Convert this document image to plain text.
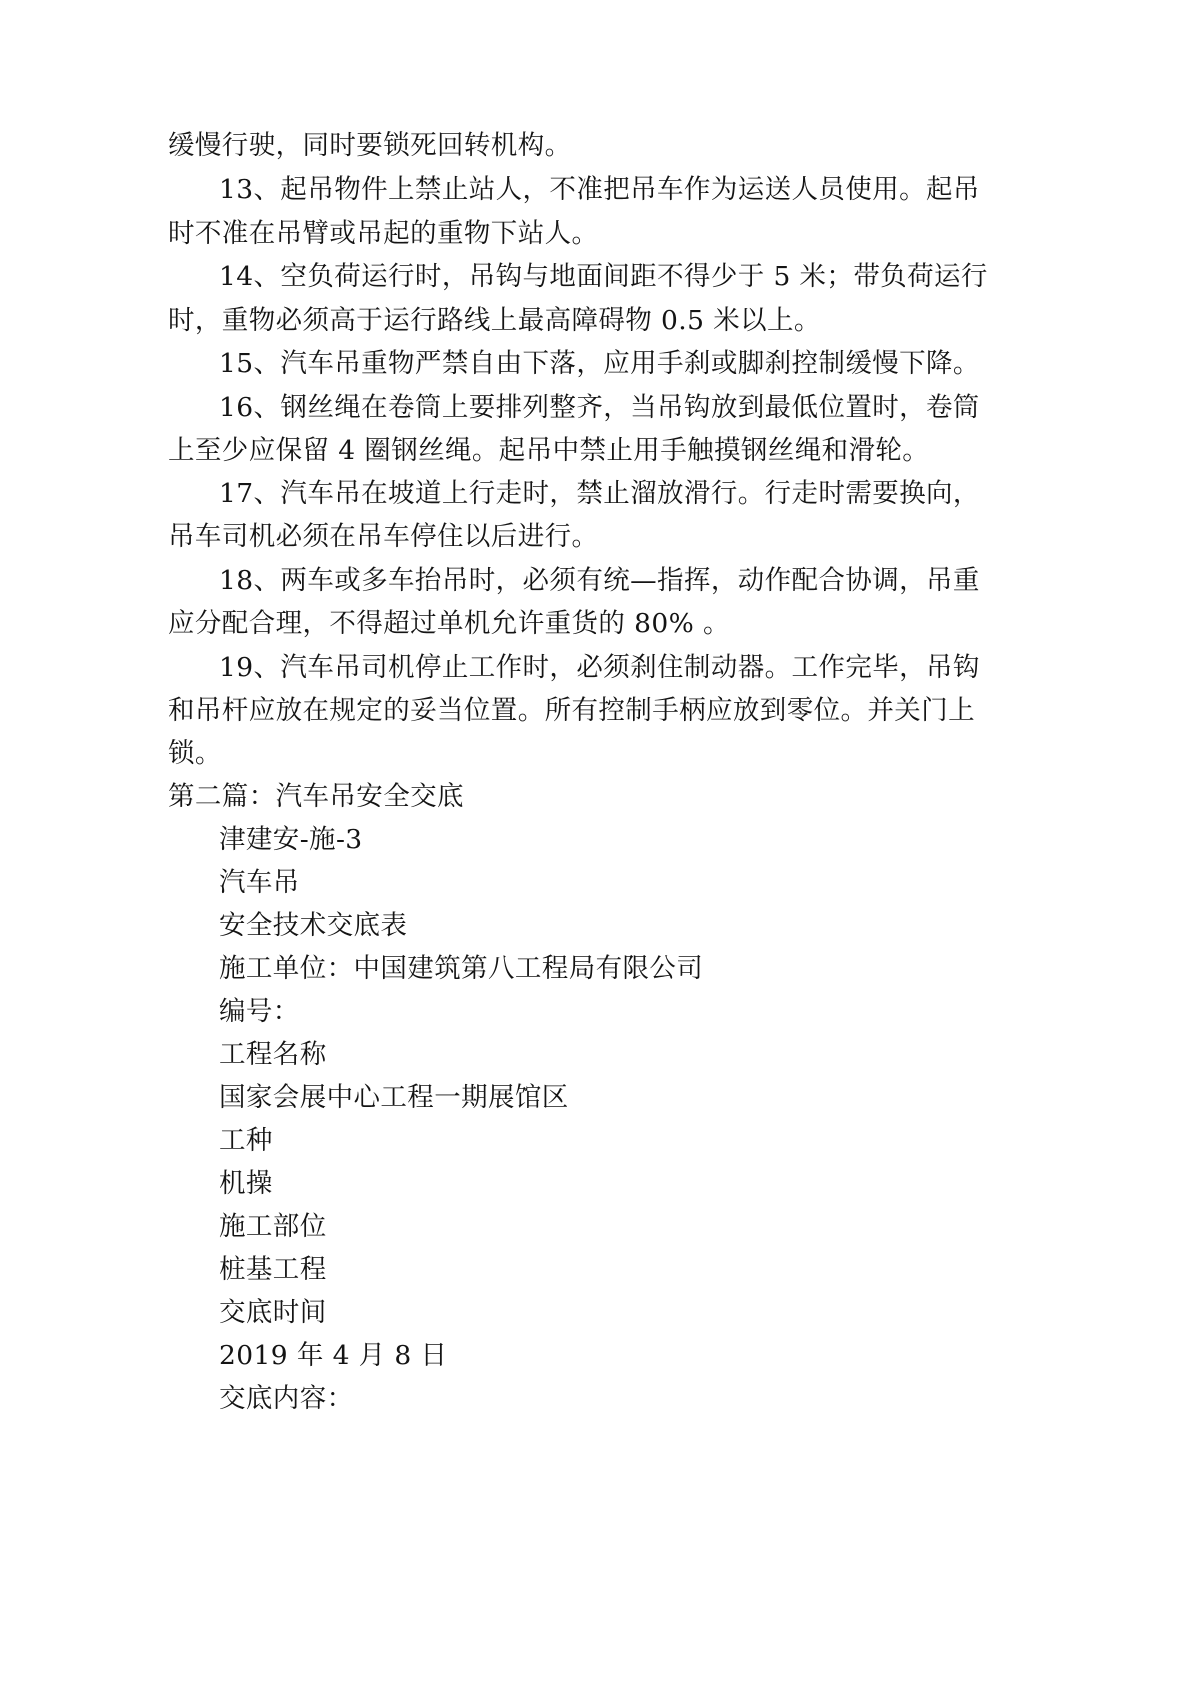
缓慢行驶，同时要锁死回转机构。
13、起吊物件上禁止站人，不准把吊车作为运送人员使用。起吊
时不准在吊臂或吊起的重物下站人。
14、空负荷运行时，吊钩与地面间距不得少于 5 米；带负荷运行
时，重物必须高于运行路线上最高障碍物 0.5 米以上。
15、汽车吊重物严禁自由下落，应用手刹或脚刹控制缓慢下降。
16、钢丝绳在卷筒上要排列整齐，当吊钩放到最低位置时，卷筒
上至少应保留 4 圈钢丝绳。起吊中禁止用手触摸钢丝绳和滑轮。
17、汽车吊在坡道上行走时，禁止溜放滑行。行走时需要换向，
吊车司机必须在吊车停住以后进行。
18、两车或多车抬吊时，必须有统—指挥，动作配合协调，吊重
应分配合理，不得超过单机允许重货的 80% 。
19、汽车吊司机停止工作时，必须刹住制动器。工作完毕，吊钩
和吊杆应放在规定的妥当位置。所有控制手柄应放到零位。并关门上
锁。
第二篇：汽车吊安全交底
津建安-施-3
汽车吊
安全技术交底表
施工单位：中国建筑第八工程局有限公司
编号：
工程名称
国家会展中心工程一期展馆区
工种
机操
施工部位
桩基工程
交底时间
2019 年 4 月 8 日
交底内容：
